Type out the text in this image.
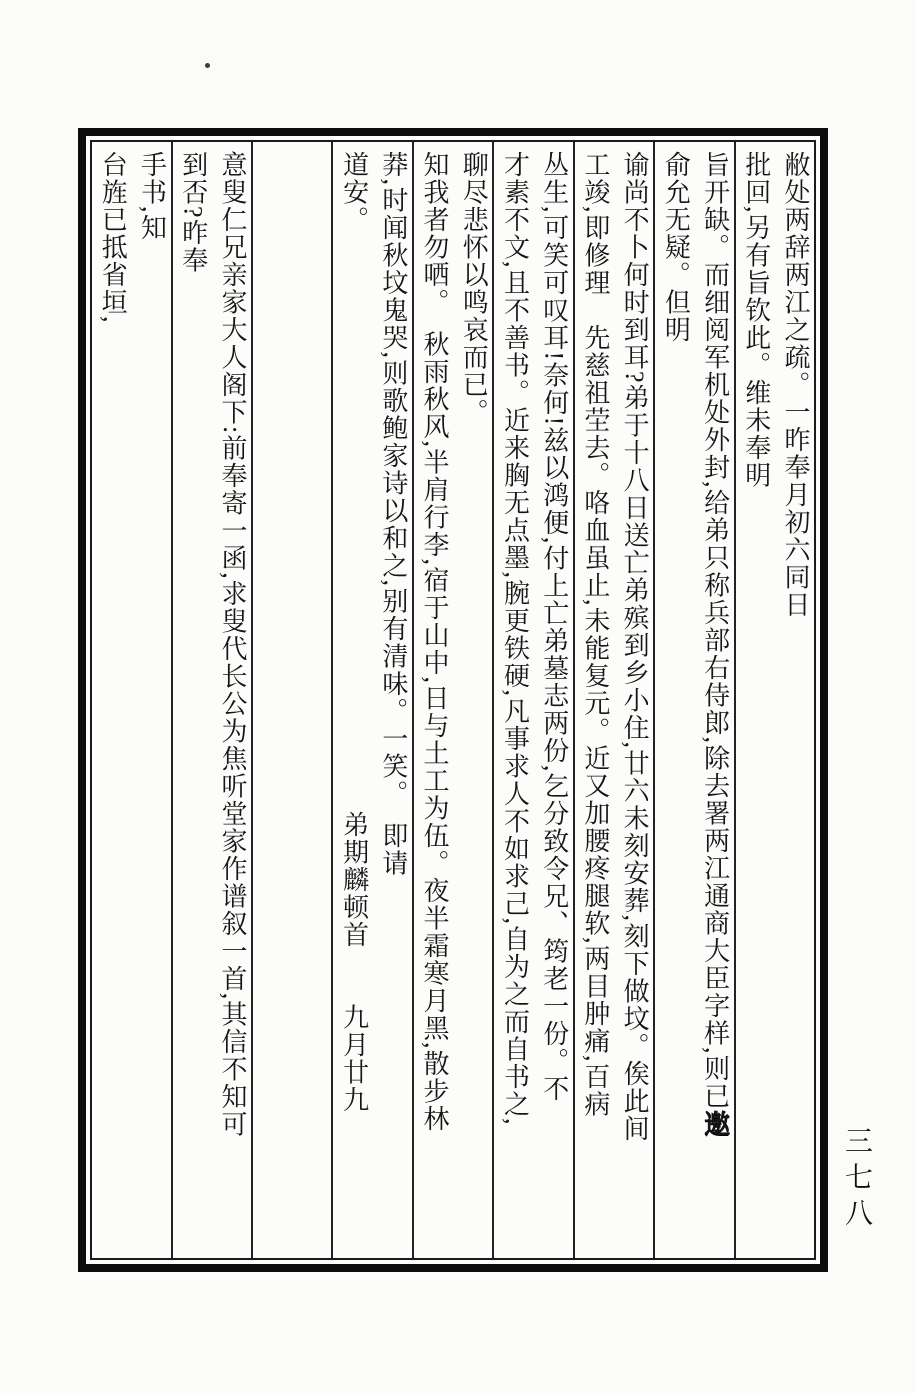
敝处两辞两江之疏。一昨奉月初六同日
批回,另有旨钦此。维未奉明
旨开缺。而细阅军机处外封,给弟只称兵部右侍郎,除去署两江通商大臣字样,则已邀
俞允无疑。但明
谕尚不卜何时到耳?弟于十八日送亡弟殡到乡小住,廿六未刻安葬,刻下做坟。俟此间
工竣,即修理　先慈祖茔去。咯血虽止,未能复元。近又加腰疼腿软,两目肿痛,百病
丛生,可笑可叹耳!奈何!兹以鸿便,付上亡弟墓志两份,乞分致令兄、筠老一份。不
才素不文,且不善书。近来胸无点墨,腕更铁硬,凡事求人不如求己,自为之而自书之,
聊尽悲怀以鸣哀而已。
知我者勿哂。　秋雨秋风,半肩行李,宿于山中,日与土工为伍。夜半霜寒月黑,散步林
莽,时闻秋坟鬼哭,则歌鲍家诗以和之,别有清味。一笑。　即请
道安。弟期麟顿首九月廿九
意叟仁兄亲家大人阁下:前奉寄一函,求叟代长公为焦听堂家作谱叙一首,其信不知可
到否?昨奉
手书,知
台旌已抵省垣,
三七八
